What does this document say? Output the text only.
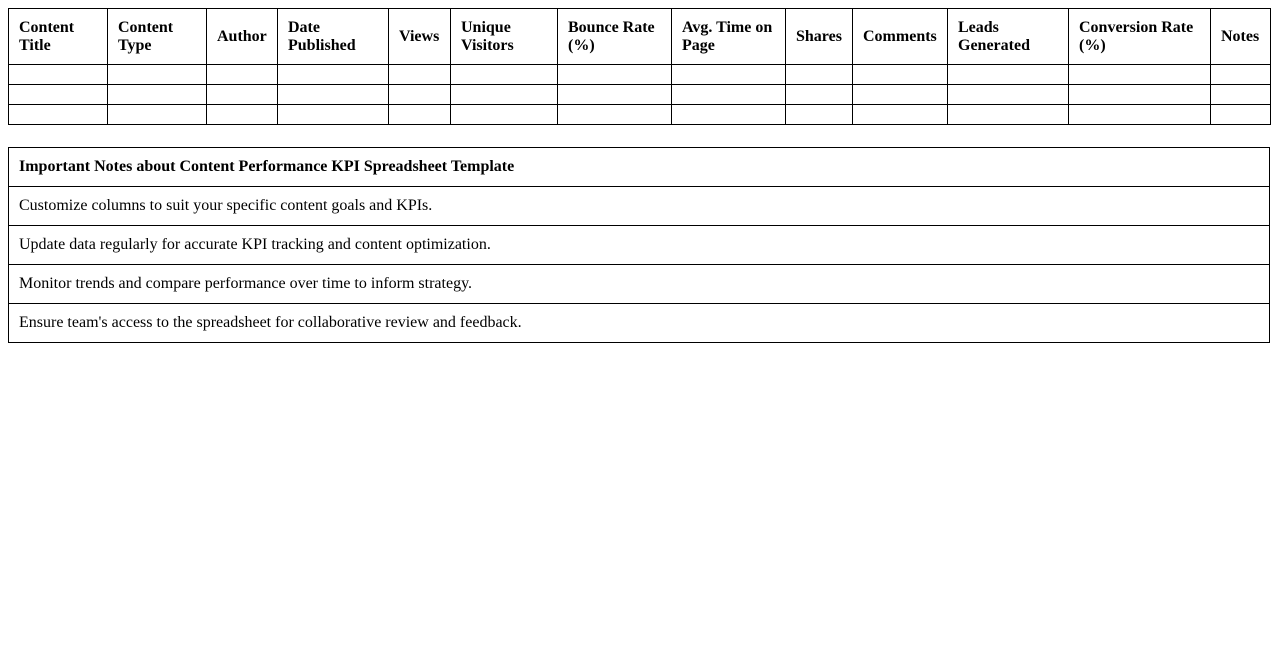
Content Title	Content Type	Author	Date Published	Views	Unique Visitors	Bounce Rate (%)	Avg. Time on Page	Shares	Comments	Leads Generated	Conversion Rate (%)	Notes

Important Notes about Content Performance KPI Spreadsheet Template
Customize columns to suit your specific content goals and KPIs.
Update data regularly for accurate KPI tracking and content optimization.
Monitor trends and compare performance over time to inform strategy.
Ensure team's access to the spreadsheet for collaborative review and feedback.
